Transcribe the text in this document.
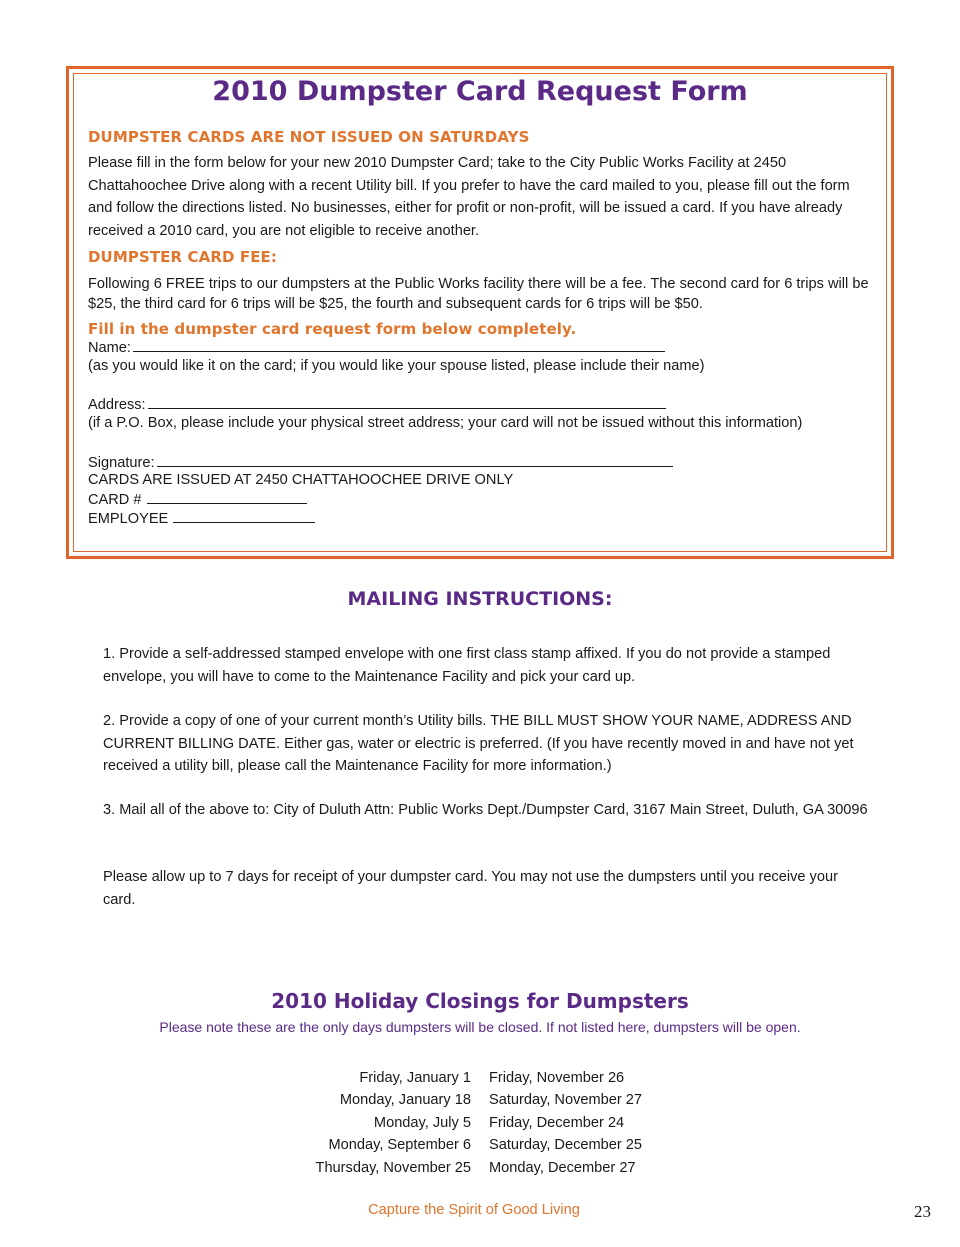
2010 Dumpster Card Request Form
DUMPSTER CARDS ARE NOT ISSUED ON SATURDAYS
Please fill in the form below for your new 2010 Dumpster Card; take to the City Public Works Facility at 2450 Chattahoochee Drive along with a recent Utility bill. If you prefer to have the card mailed to you, please fill out the form and follow the directions listed. No businesses, either for profit or non-profit, will be issued a card. If you have already received a 2010 card, you are not eligible to receive another.
DUMPSTER CARD FEE:
Following 6 FREE trips to our dumpsters at the Public Works facility there will be a fee. The second card for 6 trips will be $25, the third card for 6 trips will be $25, the fourth and subsequent cards for 6 trips will be $50.
Fill in the dumpster card request form below completely.
Name:
(as you would like it on the card; if you would like your spouse listed, please include their name)
Address:
(if a P.O. Box, please include your physical street address; your card will not be issued without this information)
Signature:
CARDS ARE ISSUED AT 2450 CHATTAHOOCHEE DRIVE ONLY
CARD #
EMPLOYEE
MAILING INSTRUCTIONS:
1. Provide a self-addressed stamped envelope with one first class stamp affixed. If you do not provide a stamped envelope, you will have to come to the Maintenance Facility and pick your card up.
2. Provide a copy of one of your current month’s Utility bills. THE BILL MUST SHOW YOUR NAME, ADDRESS AND CURRENT BILLING DATE. Either gas, water or electric is preferred. (If you have recently moved in and have not yet received a utility bill, please call the Maintenance Facility for more information.)
3. Mail all of the above to: City of Duluth Attn: Public Works Dept./Dumpster Card, 3167 Main Street, Duluth, GA 30096
Please allow up to 7 days for receipt of your dumpster card. You may not use the dumpsters until you receive your card.
2010 Holiday Closings for Dumpsters
Please note these are the only days dumpsters will be closed. If not listed here, dumpsters will be open.
Friday, January 1
Monday, January 18
Monday, July 5
Monday, September 6
Thursday, November 25
Friday, November 26
Saturday, November 27
Friday, December 24
Saturday, December 25
Monday, December 27
Capture the Spirit of Good Living	23
